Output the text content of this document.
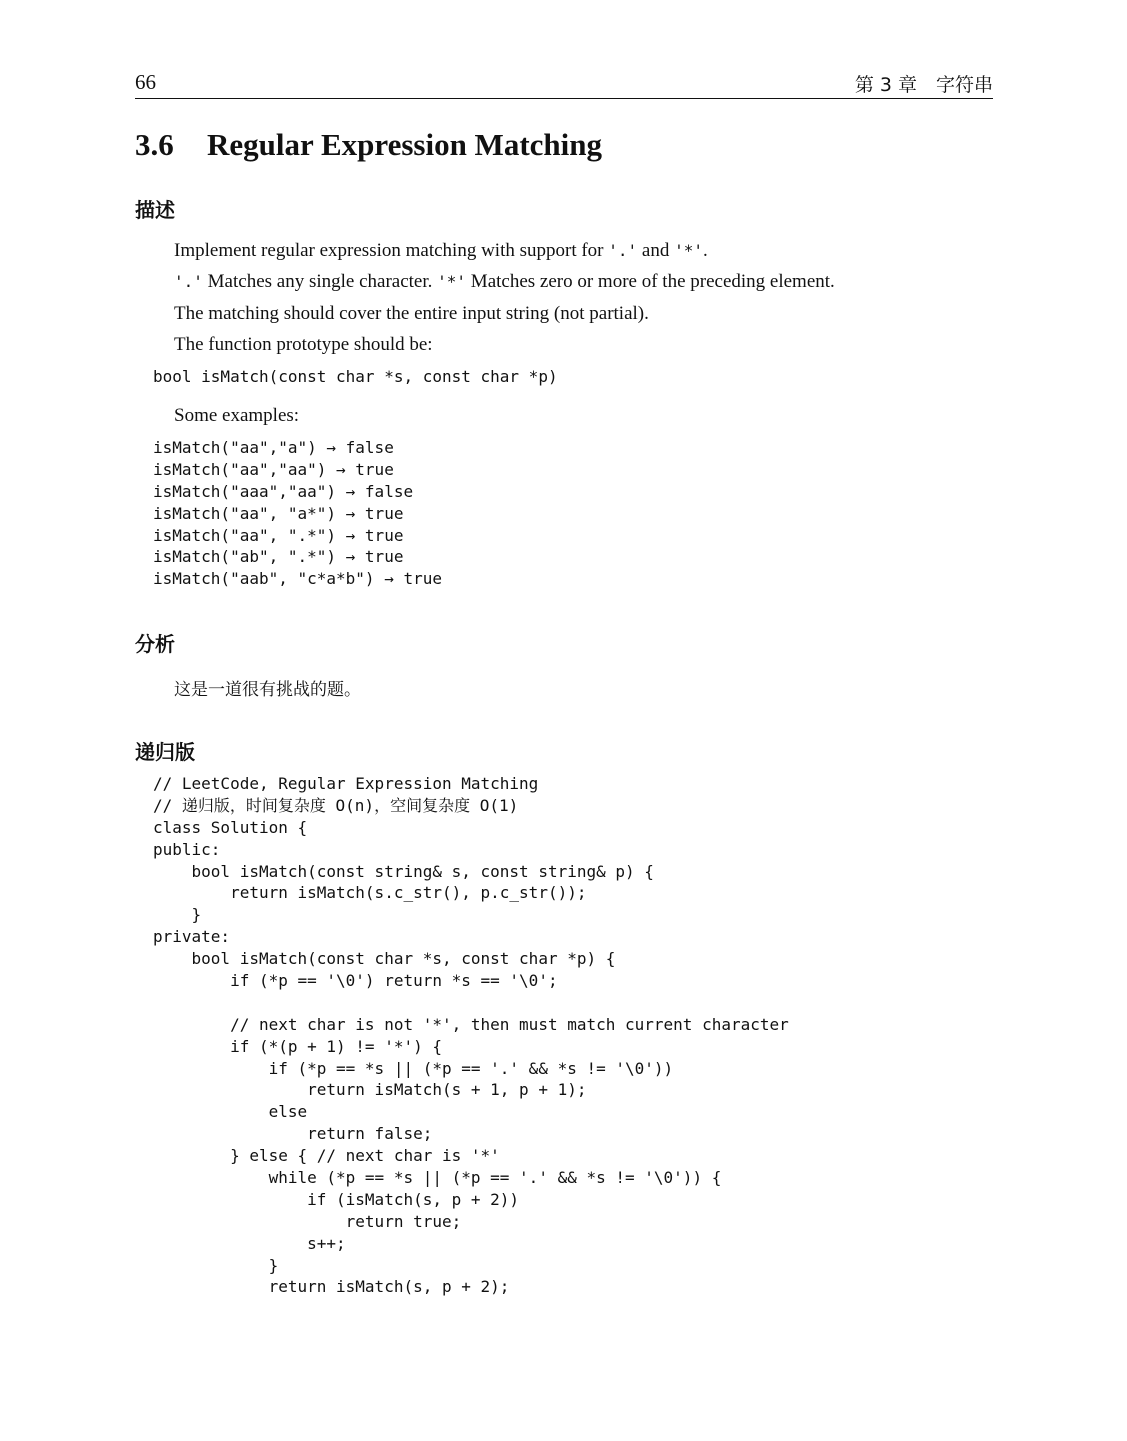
66	第 3 章　字符串
3.6 Regular Expression Matching
描述
Implement regular expression matching with support for '.' and '*'.
'.' Matches any single character. '*' Matches zero or more of the preceding element.
The matching should cover the entire input string (not partial).
The function prototype should be:
bool isMatch(const char *s, const char *p)
Some examples:
isMatch("aa","a") → false
isMatch("aa","aa") → true
isMatch("aaa","aa") → false
isMatch("aa", "a*") → true
isMatch("aa", ".*") → true
isMatch("ab", ".*") → true
isMatch("aab", "c*a*b") → true
分析
这是一道很有挑战的题。
递归版
// LeetCode, Regular Expression Matching
// 递归版，时间复杂度 O(n)，空间复杂度 O(1)
class Solution {
public:
bool isMatch(const string& s, const string& p) {
return isMatch(s.c_str(), p.c_str());
}
private:
bool isMatch(const char *s, const char *p) {
if (*p == '\0') return *s == '\0';
// next char is not '*', then must match current character
if (*(p + 1) != '*') {
if (*p == *s || (*p == '.' && *s != '\0'))
return isMatch(s + 1, p + 1);
else
return false;
} else { // next char is '*'
while (*p == *s || (*p == '.' && *s != '\0')) {
if (isMatch(s, p + 2))
return true;
s++;
}
return isMatch(s, p + 2);
